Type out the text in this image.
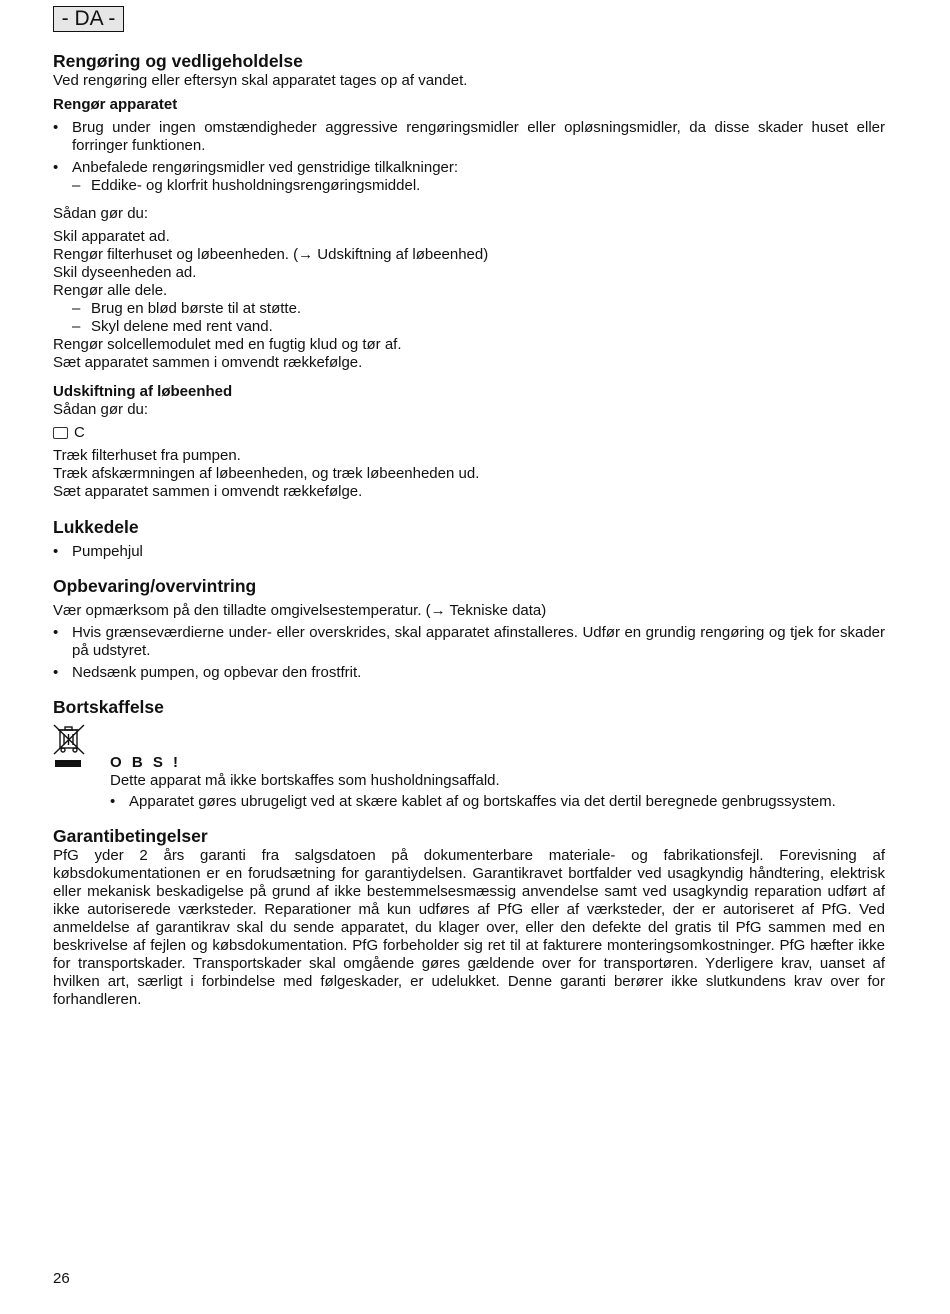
- DA -
Rengøring og vedligeholdelse

Ved rengøring eller eftersyn skal apparatet tages op af vandet.

Rengør apparatet
• Brug under ingen omstændigheder aggressive rengøringsmidler eller opløsningsmidler, da disse skader huset eller forringer funktionen.
• Anbefalede rengøringsmidler ved genstridige tilkalkninger:
– Eddike- og klorfrit husholdningsrengøringsmiddel.

Sådan gør du:

Skil apparatet ad.

Rengør filterhuset og løbeenheden. (→ Udskiftning af løbeenhed)

Skil dyseenheden ad.

Rengør alle dele.

– Brug en blød børste til at støtte.
– Skyl delene med rent vand.

Rengør solcellemodulet med en fugtig klud og tør af.

Sæt apparatet sammen i omvendt rækkefølge.

Udskiftning af løbeenhed

Sådan gør du:

C

Træk filterhuset fra pumpen.

Træk afskærmningen af løbeenheden, og træk løbeenheden ud.

Sæt apparatet sammen i omvendt rækkefølge.

Lukkedele
• Pumpehjul
Opbevaring/overvintring

Vær opmærksom på den tilladte omgivelsestemperatur. (→ Tekniske data)

• Hvis grænseværdierne under- eller overskrides, skal apparatet afinstalleres. Udfør en grundig rengøring og tjek for skader på udstyret.
• Nedsænk pumpen, og opbevar den frostfrit.
Bortskaffelse
O B S !

Dette apparat må ikke bortskaffes som husholdningsaffald.

• Apparatet gøres ubrugeligt ved at skære kablet af og bortskaffes via det dertil beregnede genbrugssystem.
Garantibetingelser

PfG yder 2 års garanti fra salgsdatoen på dokumenterbare materiale- og fabrikationsfejl. Forevisning af købsdokumentationen er en forudsætning for garantiydelsen. Garantikravet bortfalder ved usagkyndig håndtering, elektrisk eller mekanisk beskadigelse på grund af ikke bestemmelsesmæssig anvendelse samt ved usagkyndig reparation udført af ikke autoriserede værksteder. Reparationer må kun udføres af PfG eller af værksteder, der er autoriseret af PfG. Ved anmeldelse af garantikrav skal du sende apparatet, du klager over, eller den defekte del gratis til PfG sammen med en beskrivelse af fejlen og købsdokumentation. PfG forbeholder sig ret til at fakturere monteringsomkostninger. PfG hæfter ikke for transportskader. Transportskader skal omgående gøres gældende over for transportøren. Yderligere krav, uanset af hvilken art, særligt i forbindelse med følgeskader, er udelukket. Denne garanti berører ikke slutkundens krav over for forhandleren.

26
